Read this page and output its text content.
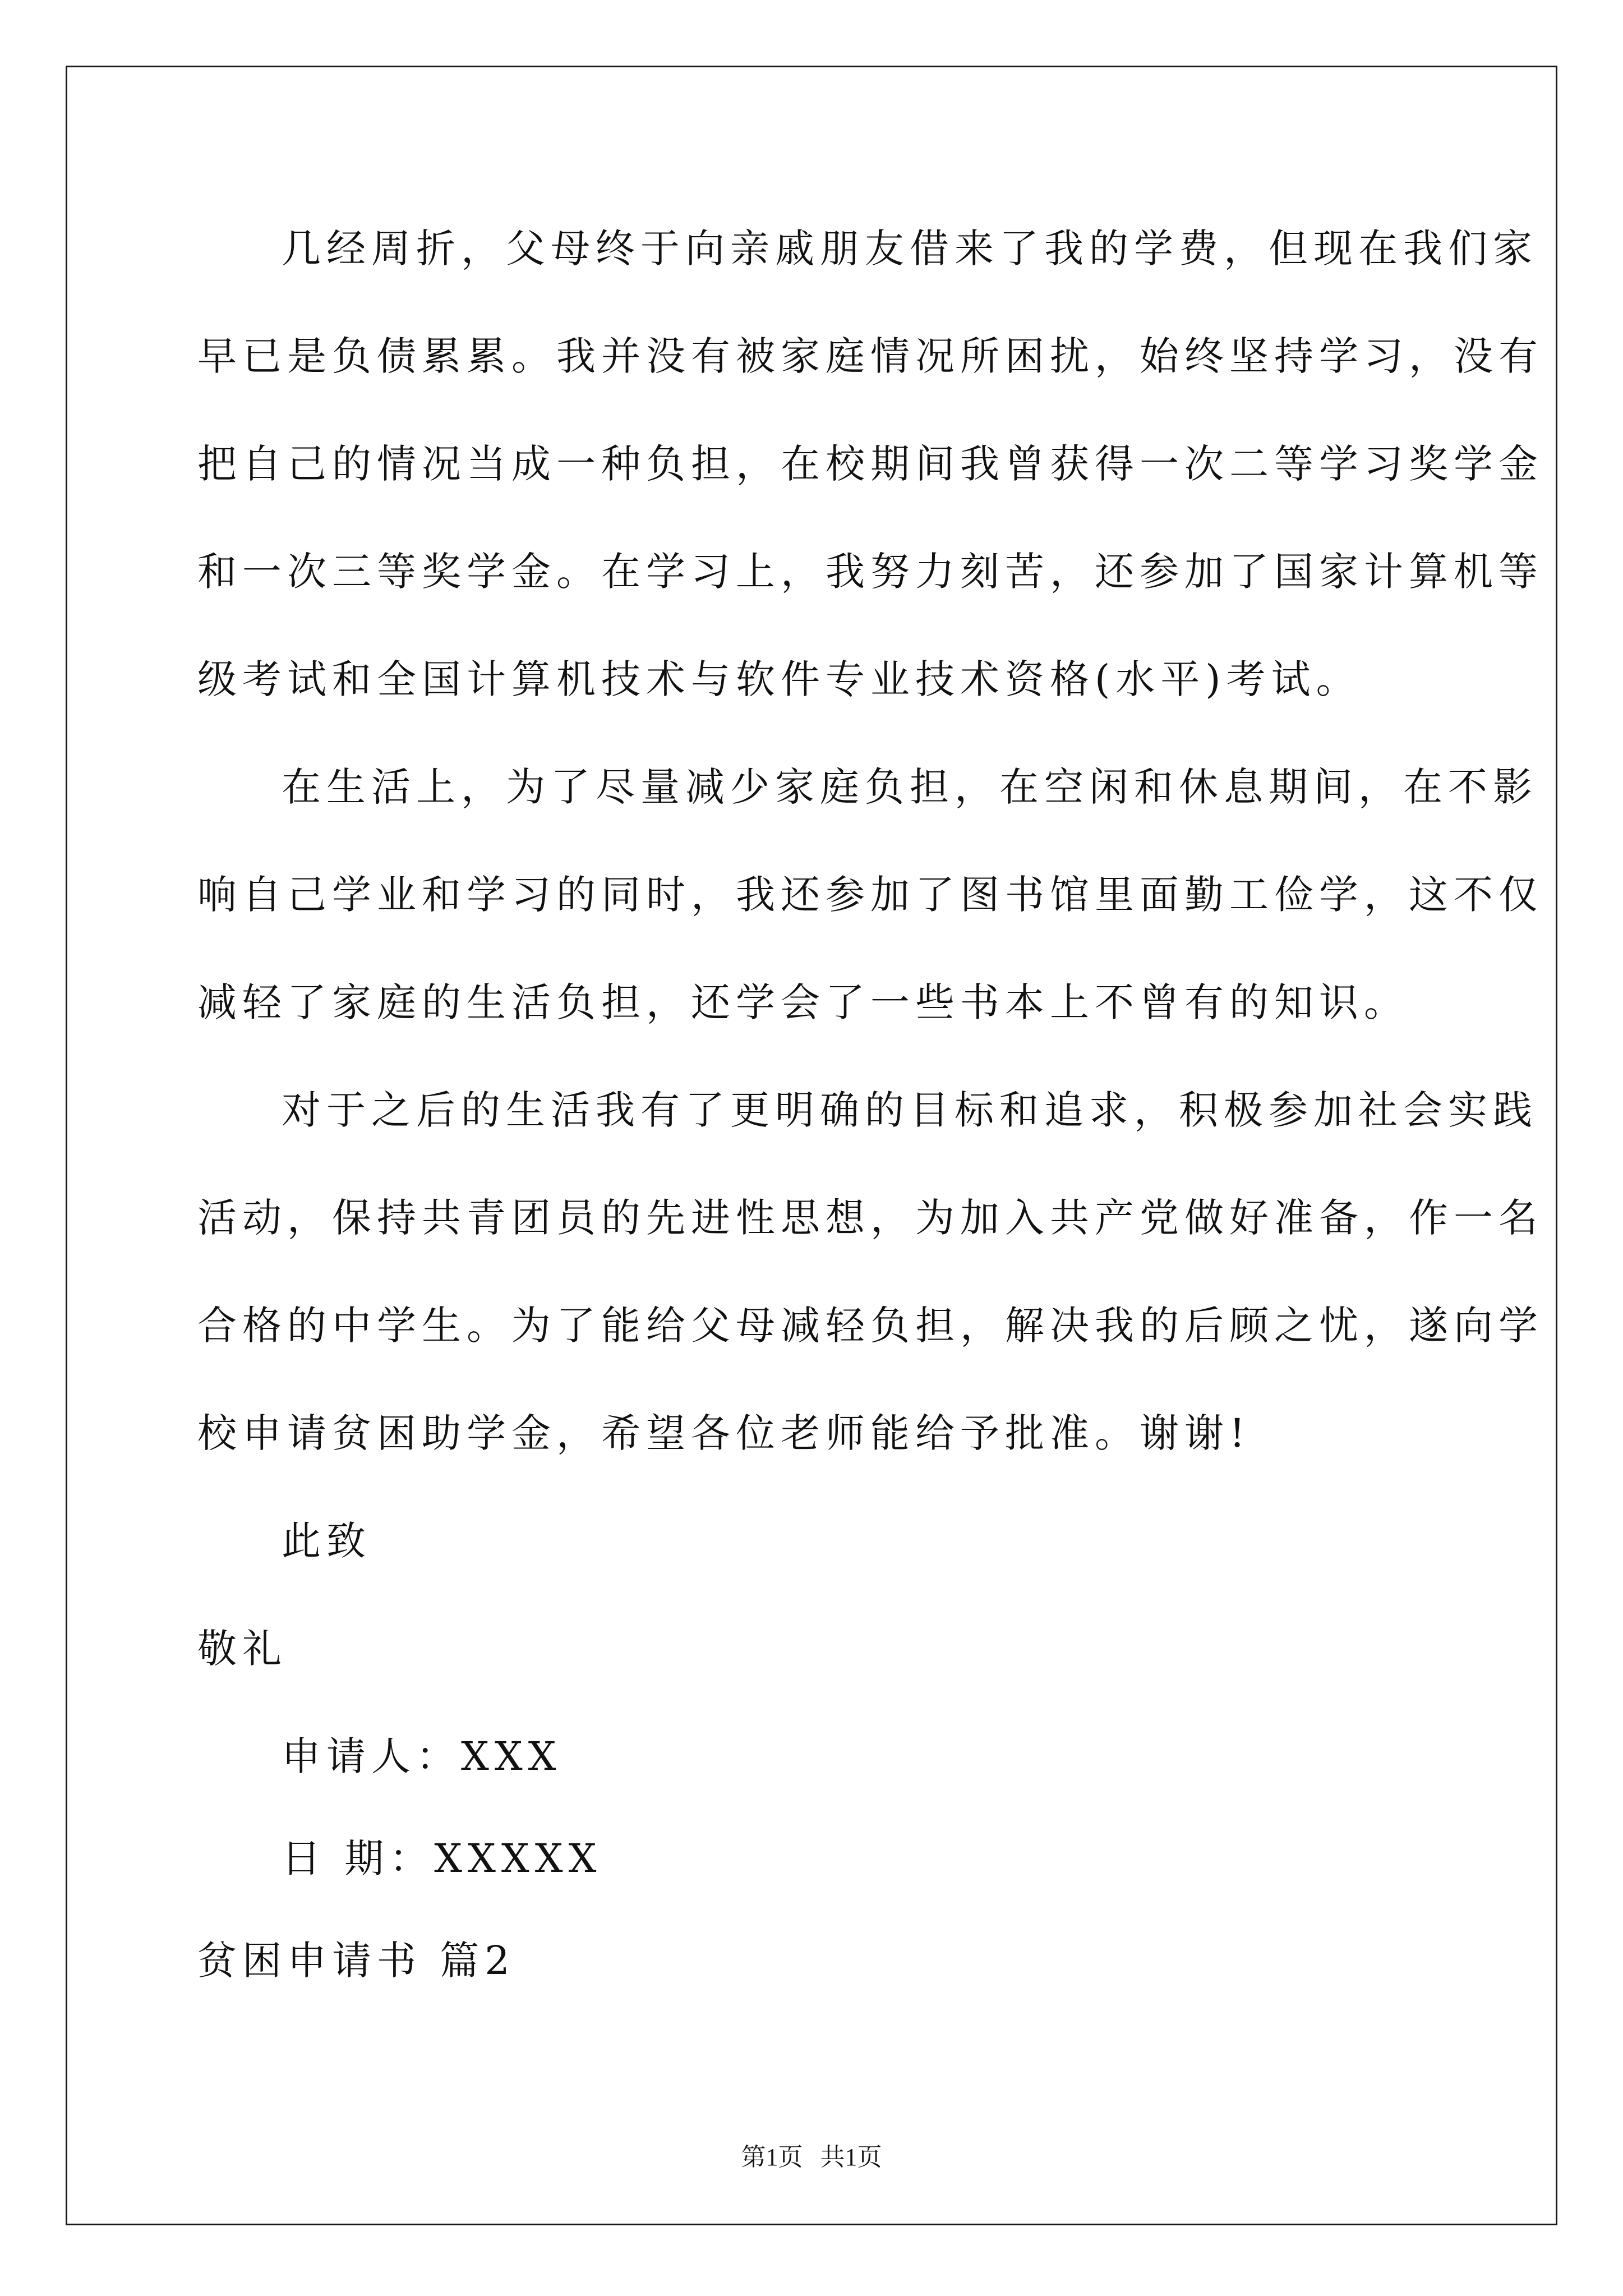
几经周折，父母终于向亲戚朋友借来了我的学费，但现在我们家
早已是负债累累。我并没有被家庭情况所困扰，始终坚持学习，没有
把自己的情况当成一种负担，在校期间我曾获得一次二等学习奖学金
和一次三等奖学金。在学习上，我努力刻苦，还参加了国家计算机等
级考试和全国计算机技术与软件专业技术资格(水平)考试。
在生活上，为了尽量减少家庭负担，在空闲和休息期间，在不影
响自己学业和学习的同时，我还参加了图书馆里面勤工俭学，这不仅
减轻了家庭的生活负担，还学会了一些书本上不曾有的知识。
对于之后的生活我有了更明确的目标和追求，积极参加社会实践
活动，保持共青团员的先进性思想，为加入共产党做好准备，作一名
合格的中学生。为了能给父母减轻负担，解决我的后顾之忧，遂向学
校申请贫困助学金，希望各位老师能给予批准。谢谢!
此致
敬礼
申请人：XXX
日 期：XXXXX
贫困申请书 篇2
第1页 共1页
